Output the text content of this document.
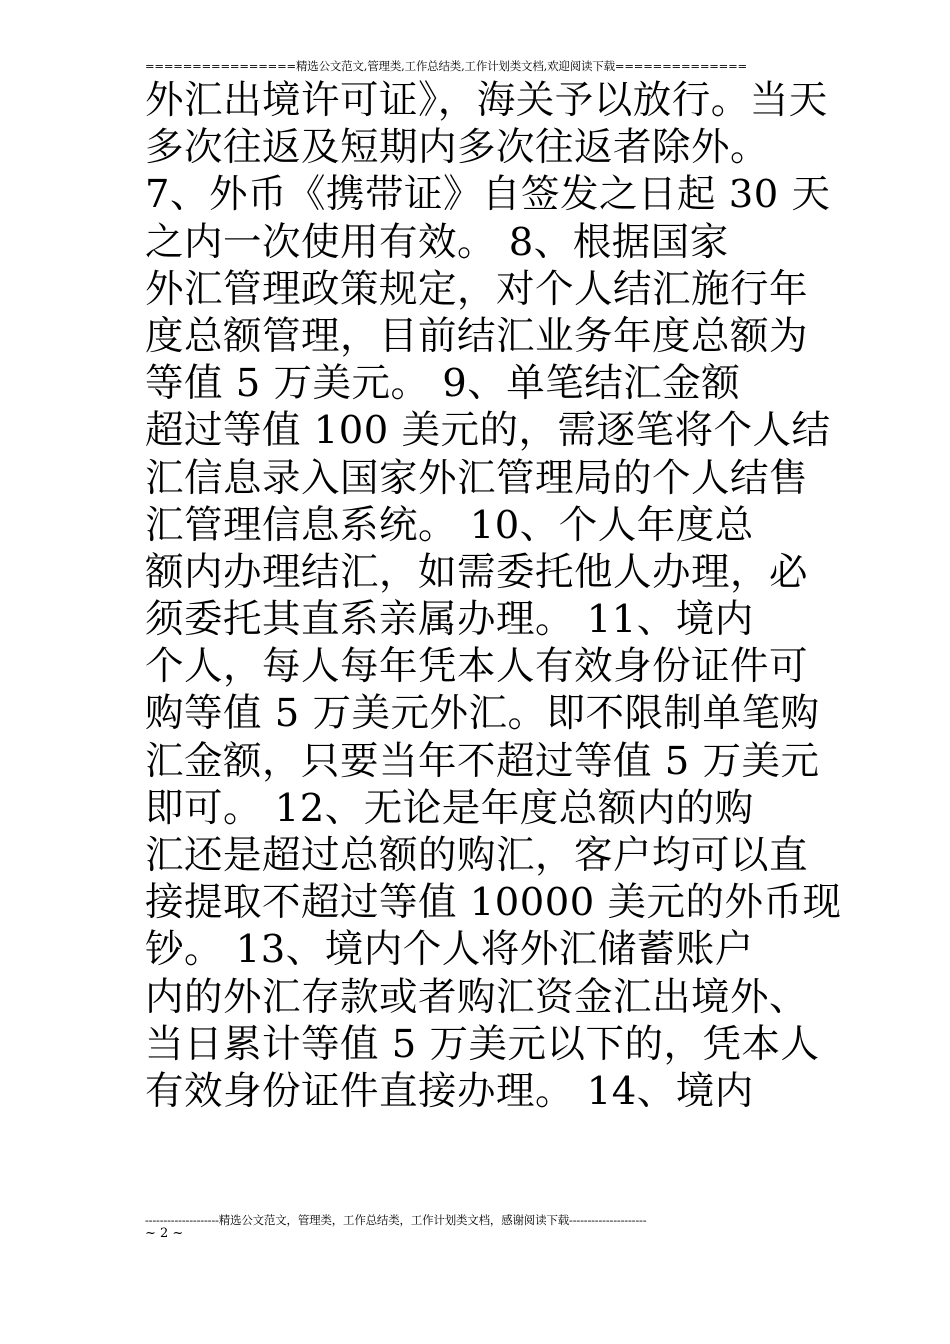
================精选公文范文,管理类,工作总结类,工作计划类文档,欢迎阅读下载==============
外汇出境许可证》，海关予以放行。当天
多次往返及短期内多次往返者除外。
7、外币《携带证》自签发之日起 30 天
之内一次使用有效。 8、根据国家
外汇管理政策规定，对个人结汇施行年
度总额管理，目前结汇业务年度总额为
等值 5 万美元。 9、单笔结汇金额
超过等值 100 美元的，需逐笔将个人结
汇信息录入国家外汇管理局的个人结售
汇管理信息系统。 10、个人年度总
额内办理结汇，如需委托他人办理，必
须委托其直系亲属办理。 11、境内
个人，每人每年凭本人有效身份证件可
购等值 5 万美元外汇。即不限制单笔购
汇金额，只要当年不超过等值 5 万美元
即可。 12、无论是年度总额内的购
汇还是超过总额的购汇，客户均可以直
接提取不超过等值 10000 美元的外币现
钞。 13、境内个人将外汇储蓄账户
内的外汇存款或者购汇资金汇出境外、
当日累计等值 5 万美元以下的，凭本人
有效身份证件直接办理。 14、境内
--------------------精选公文范文，管理类，工作总结类，工作计划类文档，感谢阅读下载---------------------
~ 2 ~
